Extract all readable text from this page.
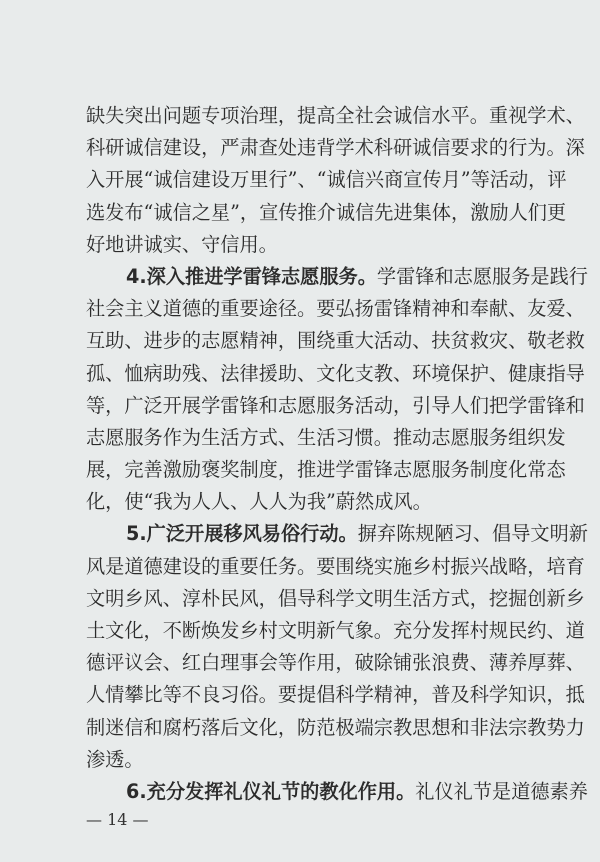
缺失突出问题专项治理，提高全社会诚信水平。重视学术、
科研诚信建设，严肃查处违背学术科研诚信要求的行为。深
入开展“诚信建设万里行”、“诚信兴商宣传月”等活动，评
选发布“诚信之星”，宣传推介诚信先进集体，激励人们更
好地讲诚实、守信用。
4.深入推进学雷锋志愿服务。学雷锋和志愿服务是践行
社会主义道德的重要途径。要弘扬雷锋精神和奉献、友爱、
互助、进步的志愿精神，围绕重大活动、扶贫救灾、敬老救
孤、恤病助残、法律援助、文化支教、环境保护、健康指导
等，广泛开展学雷锋和志愿服务活动，引导人们把学雷锋和
志愿服务作为生活方式、生活习惯。推动志愿服务组织发
展，完善激励褒奖制度，推进学雷锋志愿服务制度化常态
化，使“我为人人、人人为我”蔚然成风。
5.广泛开展移风易俗行动。摒弃陈规陋习、倡导文明新
风是道德建设的重要任务。要围绕实施乡村振兴战略，培育
文明乡风、淳朴民风，倡导科学文明生活方式，挖掘创新乡
土文化，不断焕发乡村文明新气象。充分发挥村规民约、道
德评议会、红白理事会等作用，破除铺张浪费、薄养厚葬、
人情攀比等不良习俗。要提倡科学精神，普及科学知识，抵
制迷信和腐朽落后文化，防范极端宗教思想和非法宗教势力
渗透。
6.充分发挥礼仪礼节的教化作用。礼仪礼节是道德素养
— 14 —
